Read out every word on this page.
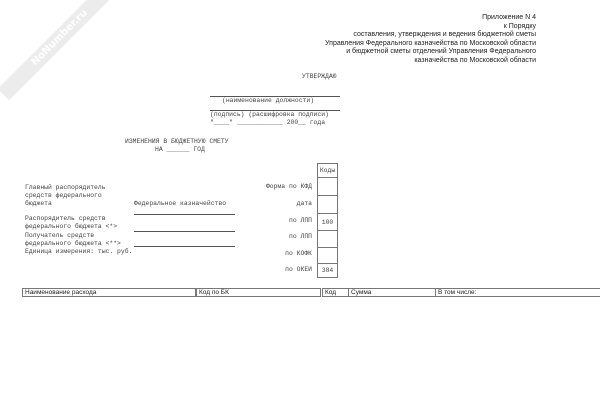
NoNumber.ru	Приложение N 4
к Порядку
составления, утверждения и ведения бюджетной сметы
Управления Федерального казначейства по Московской области
и бюджетной сметы отделений Управления Федерального
казначейства по Московской области
УТВЕРЖДАЮ
(наименование должности)
(подпись) (расшифровка подписи)
"____" ____________ 200__ года
ИЗМЕНЕНИЯ В БЮДЖЕТНУЮ СМЕТУ
НА ______ ГОД
Главный распорядитель
средств федерального
бюджета	Федеральное казначейство
Распорядитель средств
федерального бюджета <*>
Получатель средств
федерального бюджета <**>
Единица измерения: тыс. руб.
Коды
Форма по КФД
дата
по ЛПП	100
по ЛПП
по КОФК
по ОКЕИ	384
Наименование расхода	Код по БК	Код	Сумма	В том числе:
